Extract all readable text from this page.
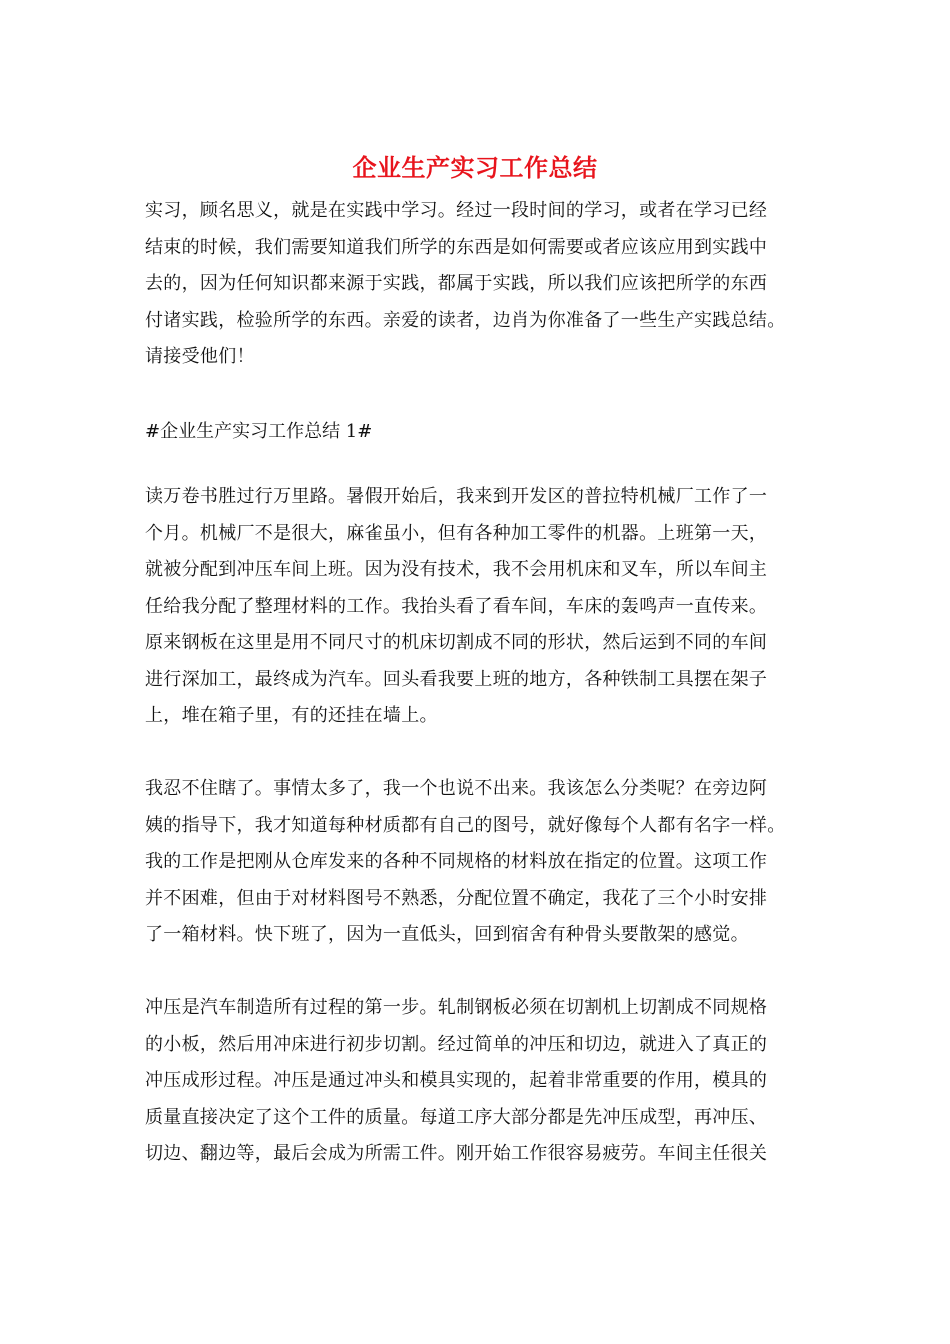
企业生产实习工作总结

实习，顾名思义，就是在实践中学习。经过一段时间的学习，或者在学习已经
结束的时候，我们需要知道我们所学的东西是如何需要或者应该应用到实践中
去的，因为任何知识都来源于实践，都属于实践，所以我们应该把所学的东西
付诸实践，检验所学的东西。亲爱的读者，边肖为你准备了一些生产实践总结。
请接受他们！

#企业生产实习工作总结 1#

读万卷书胜过行万里路。暑假开始后，我来到开发区的普拉特机械厂工作了一
个月。机械厂不是很大，麻雀虽小，但有各种加工零件的机器。上班第一天，
就被分配到冲压车间上班。因为没有技术，我不会用机床和叉车，所以车间主
任给我分配了整理材料的工作。我抬头看了看车间，车床的轰鸣声一直传来。
原来钢板在这里是用不同尺寸的机床切割成不同的形状，然后运到不同的车间
进行深加工，最终成为汽车。回头看我要上班的地方，各种铁制工具摆在架子
上，堆在箱子里，有的还挂在墙上。

我忍不住瞎了。事情太多了，我一个也说不出来。我该怎么分类呢？在旁边阿
姨的指导下，我才知道每种材质都有自己的图号，就好像每个人都有名字一样。
我的工作是把刚从仓库发来的各种不同规格的材料放在指定的位置。这项工作
并不困难，但由于对材料图号不熟悉，分配位置不确定，我花了三个小时安排
了一箱材料。快下班了，因为一直低头，回到宿舍有种骨头要散架的感觉。

冲压是汽车制造所有过程的第一步。轧制钢板必须在切割机上切割成不同规格
的小板，然后用冲床进行初步切割。经过简单的冲压和切边，就进入了真正的
冲压成形过程。冲压是通过冲头和模具实现的，起着非常重要的作用，模具的
质量直接决定了这个工件的质量。每道工序大部分都是先冲压成型，再冲压、
切边、翻边等，最后会成为所需工件。刚开始工作很容易疲劳。车间主任很关
